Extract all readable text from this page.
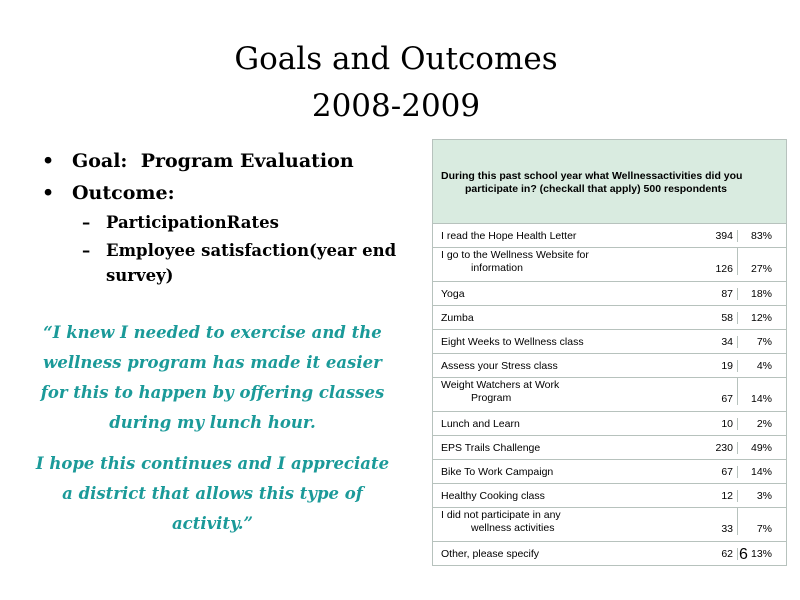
Goals and Outcomes
2008-2009
• Goal: Program Evaluation
• Outcome:
– ParticipationRates
– Employee satisfaction(year end survey)

“I knew I needed to exercise and the wellness program has made it easier for this to happen by offering classes during my lunch hour.

I hope this continues and I appreciate a district that allows this type of activity.”

During this past school year what Wellnessactivities did you
participate in? (checkall that apply) 500 respondents
I read the Hope Health Letter	394	83%
I go to the Wellness Website for
information	126	27%
Yoga	87	18%
Zumba	58	12%
Eight Weeks to Wellness class	34	7%
Assess your Stress class	19	4%
Weight Watchers at Work
Program	67	14%
Lunch and Learn	10	2%
EPS Trails Challenge	230	49%
Bike To Work Campaign	67	14%
Healthy Cooking class	12	3%
I did not participate in any
wellness activities	33	7%
Other, please specify	62	13%
6
